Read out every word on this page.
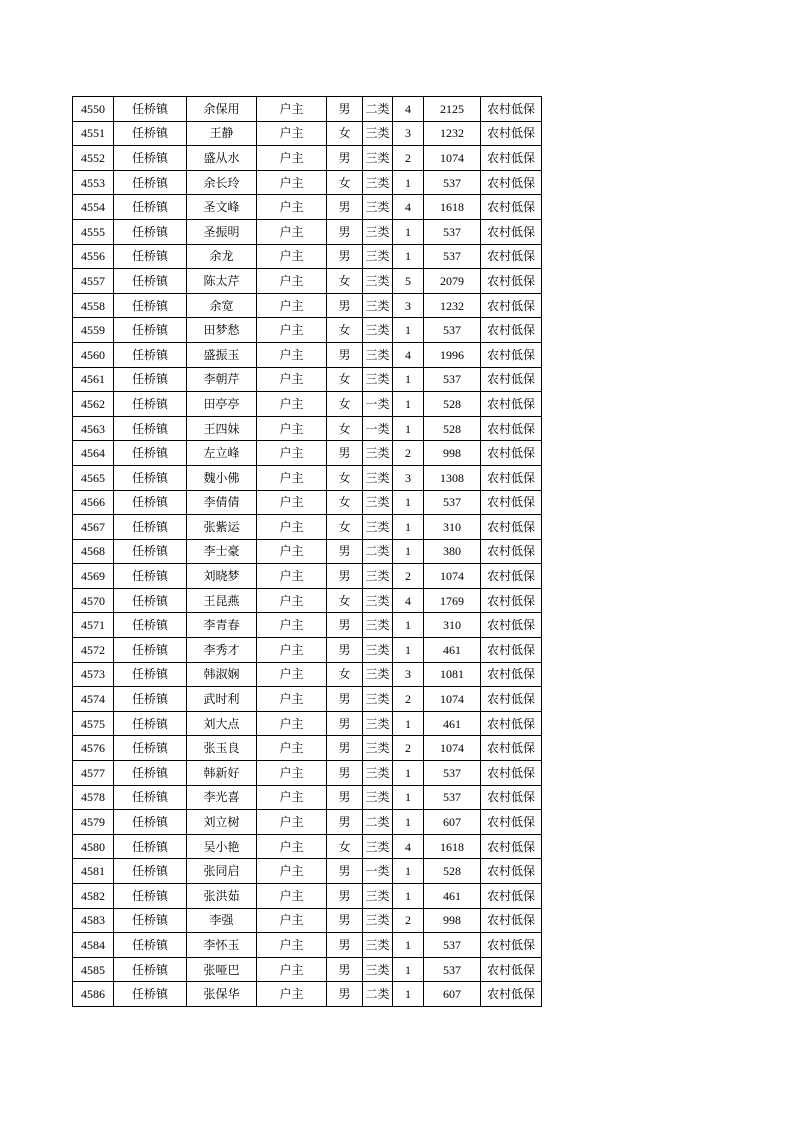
4550	任桥镇	余保用	户主	男	二类	4	2125	农村低保
4551	任桥镇	王静	户主	女	三类	3	1232	农村低保
4552	任桥镇	盛从水	户主	男	三类	2	1074	农村低保
4553	任桥镇	余长玲	户主	女	三类	1	537	农村低保
4554	任桥镇	圣文峰	户主	男	三类	4	1618	农村低保
4555	任桥镇	圣振明	户主	男	三类	1	537	农村低保
4556	任桥镇	余龙	户主	男	三类	1	537	农村低保
4557	任桥镇	陈太芹	户主	女	三类	5	2079	农村低保
4558	任桥镇	余宽	户主	男	三类	3	1232	农村低保
4559	任桥镇	田梦愁	户主	女	三类	1	537	农村低保
4560	任桥镇	盛振玉	户主	男	三类	4	1996	农村低保
4561	任桥镇	李朝芹	户主	女	三类	1	537	农村低保
4562	任桥镇	田亭亭	户主	女	一类	1	528	农村低保
4563	任桥镇	王四妹	户主	女	一类	1	528	农村低保
4564	任桥镇	左立峰	户主	男	三类	2	998	农村低保
4565	任桥镇	魏小佛	户主	女	三类	3	1308	农村低保
4566	任桥镇	李倩倩	户主	女	三类	1	537	农村低保
4567	任桥镇	张紫运	户主	女	三类	1	310	农村低保
4568	任桥镇	李士豪	户主	男	二类	1	380	农村低保
4569	任桥镇	刘晓梦	户主	男	三类	2	1074	农村低保
4570	任桥镇	王昆燕	户主	女	三类	4	1769	农村低保
4571	任桥镇	李青春	户主	男	三类	1	310	农村低保
4572	任桥镇	李秀才	户主	男	三类	1	461	农村低保
4573	任桥镇	韩淑娴	户主	女	三类	3	1081	农村低保
4574	任桥镇	武时利	户主	男	三类	2	1074	农村低保
4575	任桥镇	刘大点	户主	男	三类	1	461	农村低保
4576	任桥镇	张玉良	户主	男	三类	2	1074	农村低保
4577	任桥镇	韩新好	户主	男	三类	1	537	农村低保
4578	任桥镇	李光喜	户主	男	三类	1	537	农村低保
4579	任桥镇	刘立树	户主	男	二类	1	607	农村低保
4580	任桥镇	吴小艳	户主	女	三类	4	1618	农村低保
4581	任桥镇	张同启	户主	男	一类	1	528	农村低保
4582	任桥镇	张洪茹	户主	男	三类	1	461	农村低保
4583	任桥镇	李强	户主	男	三类	2	998	农村低保
4584	任桥镇	李怀玉	户主	男	三类	1	537	农村低保
4585	任桥镇	张哑巴	户主	男	三类	1	537	农村低保
4586	任桥镇	张保华	户主	男	二类	1	607	农村低保
